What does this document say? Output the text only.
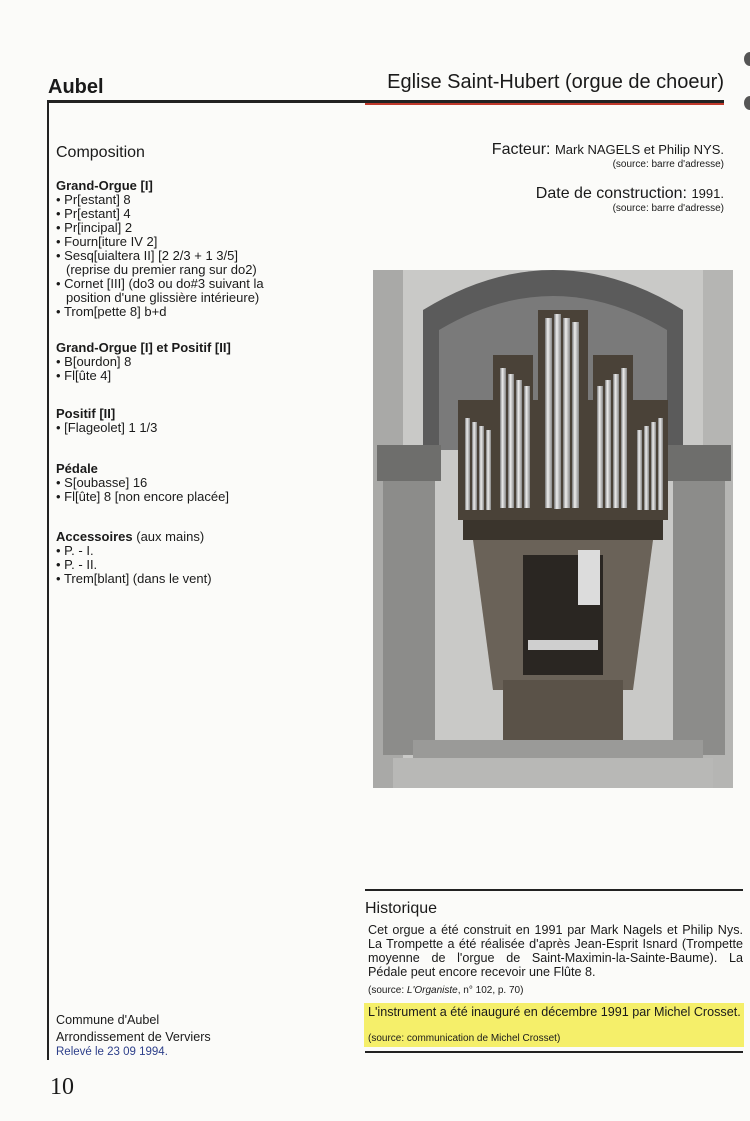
Aubel	Eglise Saint-Hubert (orgue de choeur)
Composition
Grand-Orgue [I]
• Pr[estant] 8
• Pr[estant] 4
• Pr[incipal] 2
• Fourn[iture IV 2]
• Sesq[uialtera II] [2 2/3 + 1 3/5]
(reprise du premier rang sur do2)
• Cornet [III] (do3 ou do#3 suivant la
position d'une glissière intérieure)
• Trom[pette 8] b+d
Grand-Orgue [I] et Positif [II]
• B[ourdon] 8
• Fl[ûte 4]
Positif [II]
• [Flageolet] 1 1/3
Pédale
• S[oubasse] 16
• Fl[ûte] 8 [non encore placée]
Accessoires (aux mains)
• P. - I.
• P. - II.
• Trem[blant] (dans le vent)
Facteur: Mark NAGELS et Philip NYS.
(source: barre d'adresse)
Date de construction: 1991.
(source: barre d'adresse)
Historique
Cet orgue a été construit en 1991 par Mark Nagels et Philip Nys. La Trompette a été réalisée d'après Jean-Esprit Isnard (Trompette moyenne de l'orgue de Saint-Maximin-la-Sainte-Baume). La Pédale peut encore recevoir une Flûte 8.
(source: L'Organiste, n° 102, p. 70)
L'instrument a été inauguré en décembre 1991 par Michel Crosset.
(source: communication de Michel Crosset)
Commune d'Aubel
Arrondissement de Verviers
Relevé le 23 09 1994.
10
